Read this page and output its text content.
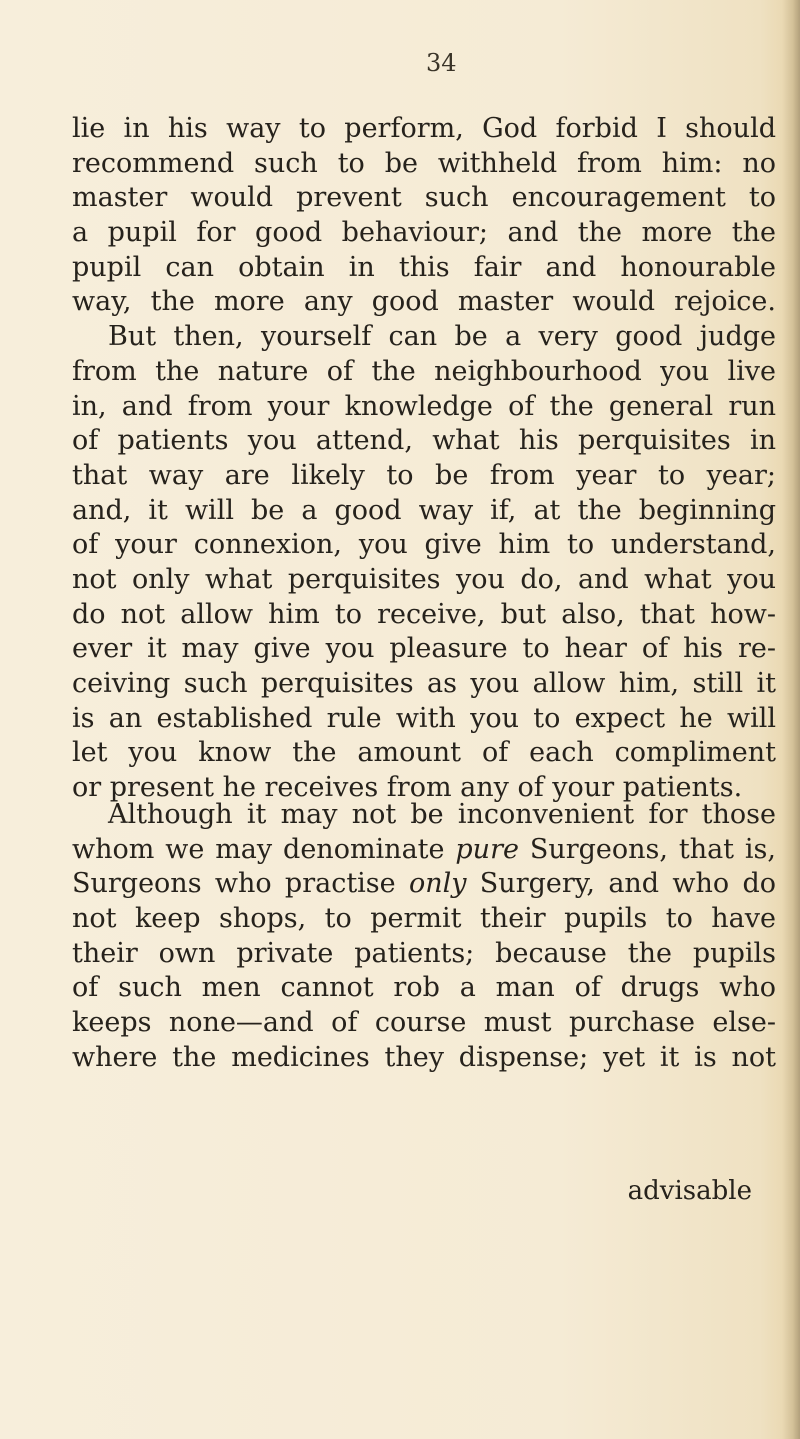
34
lie in his way to perform, God forbid I should
recommend such to be withheld from him: no
master would prevent such encouragement to
a pupil for good behaviour; and the more the
pupil can obtain in this fair and honourable
way, the more any good master would rejoice.
But then, yourself can be a very good judge
from the nature of the neighbourhood you live
in, and from your knowledge of the general run
of patients you attend, what his perquisites in
that way are likely to be from year to year;
and, it will be a good way if, at the beginning
of your connexion, you give him to understand,
not only what perquisites you do, and what you
do not allow him to receive, but also, that how-
ever it may give you pleasure to hear of his re-
ceiving such perquisites as you allow him, still it
is an established rule with you to expect he will
let you know the amount of each compliment
or present he receives from any of your patients.
Although it may not be inconvenient for those
whom we may denominate pure Surgeons, that is,
Surgeons who practise only Surgery, and who do
not keep shops, to permit their pupils to have
their own private patients; because the pupils
of such men cannot rob a man of drugs who
keeps none—and of course must purchase else-
where the medicines they dispense; yet it is not
advisable
